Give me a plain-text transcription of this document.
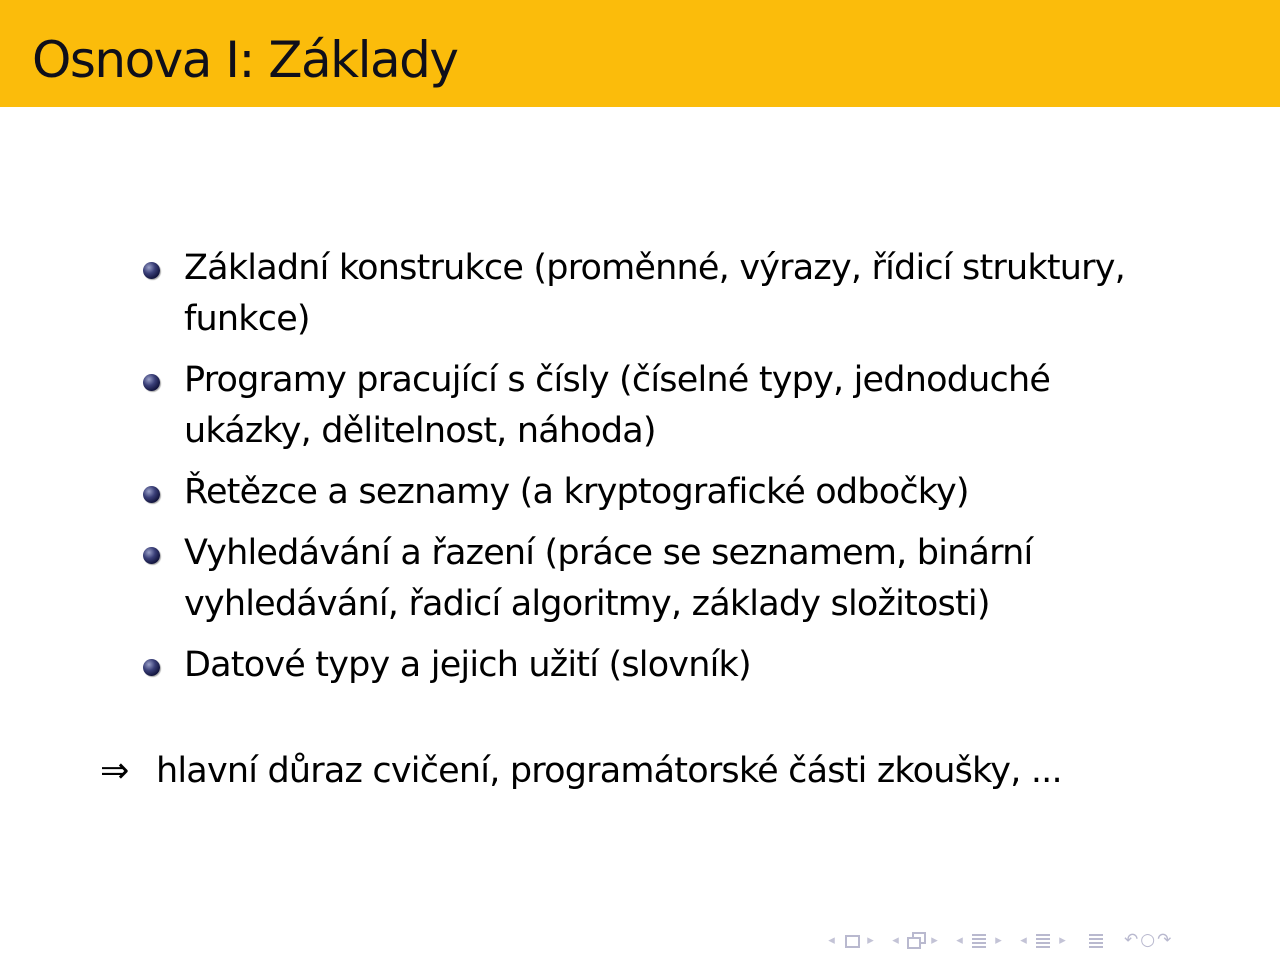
Osnova I: Základy
Základní konstrukce (proměnné, výrazy, řídicí struktury, funkce)
Programy pracující s čísly (číselné typy, jednoduché ukázky, dělitelnost, náhoda)
Řetězce a seznamy (a kryptografické odbočky)
Vyhledávání a řazení (práce se seznamem, binární vyhledávání, řadicí algoritmy, základy složitosti)
Datové typy a jejich užití (slovník)
⇒ hlavní důraz cvičení, programátorské části zkoušky, ...
◂ ▸ ◂ ▸ ◂ ▸ ◂ ▸	↶ ○ ↷
